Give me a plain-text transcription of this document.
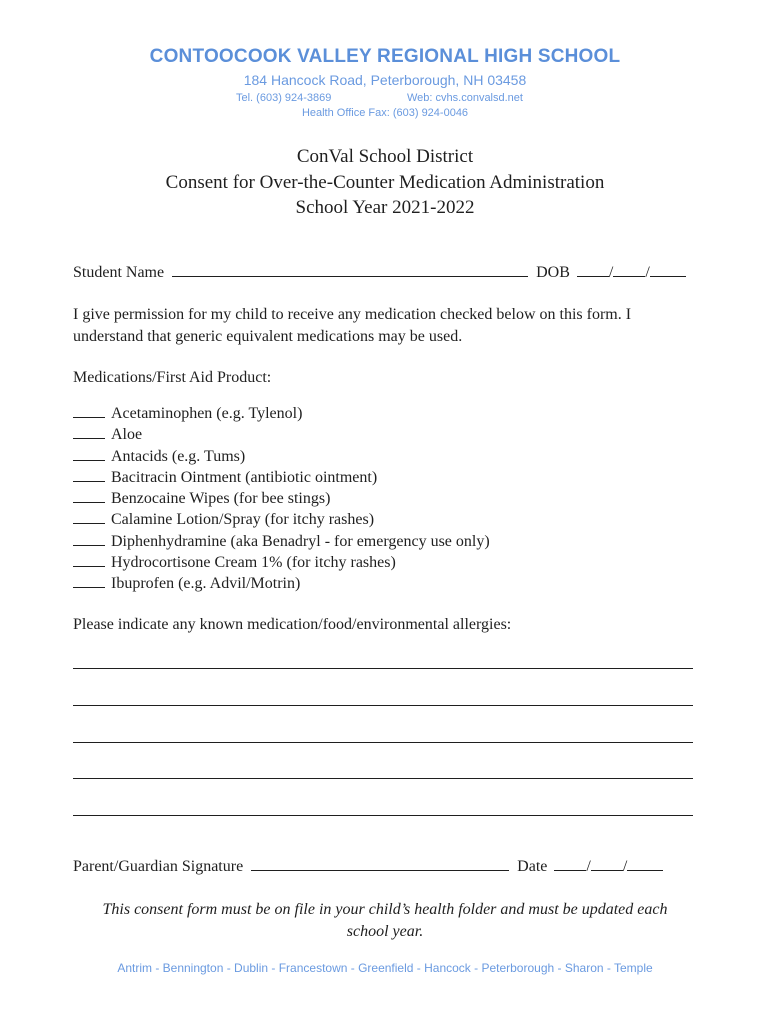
CONTOOCOOK VALLEY REGIONAL HIGH SCHOOL
184 Hancock Road, Peterborough, NH 03458
Tel. (603) 924-3869	Web: cvhs.convalsd.net
Health Office Fax: (603) 924-0046
ConVal School District
Consent for Over-the-Counter Medication Administration
School Year 2021-2022
Student Name	DOB / /
I give permission for my child to receive any medication checked below on this form. I understand that generic equivalent medications may be used.
Medications/First Aid Product:
Acetaminophen (e.g. Tylenol)
Aloe
Antacids (e.g. Tums)
Bacitracin Ointment (antibiotic ointment)
Benzocaine Wipes (for bee stings)
Calamine Lotion/Spray (for itchy rashes)
Diphenhydramine (aka Benadryl - for emergency use only)
Hydrocortisone Cream 1% (for itchy rashes)
Ibuprofen (e.g. Advil/Motrin)
Please indicate any known medication/food/environmental allergies:
Parent/Guardian Signature	Date / /
This consent form must be on file in your child’s health folder and must be updated each school year.
Antrim - Bennington - Dublin - Francestown - Greenfield - Hancock - Peterborough - Sharon - Temple
